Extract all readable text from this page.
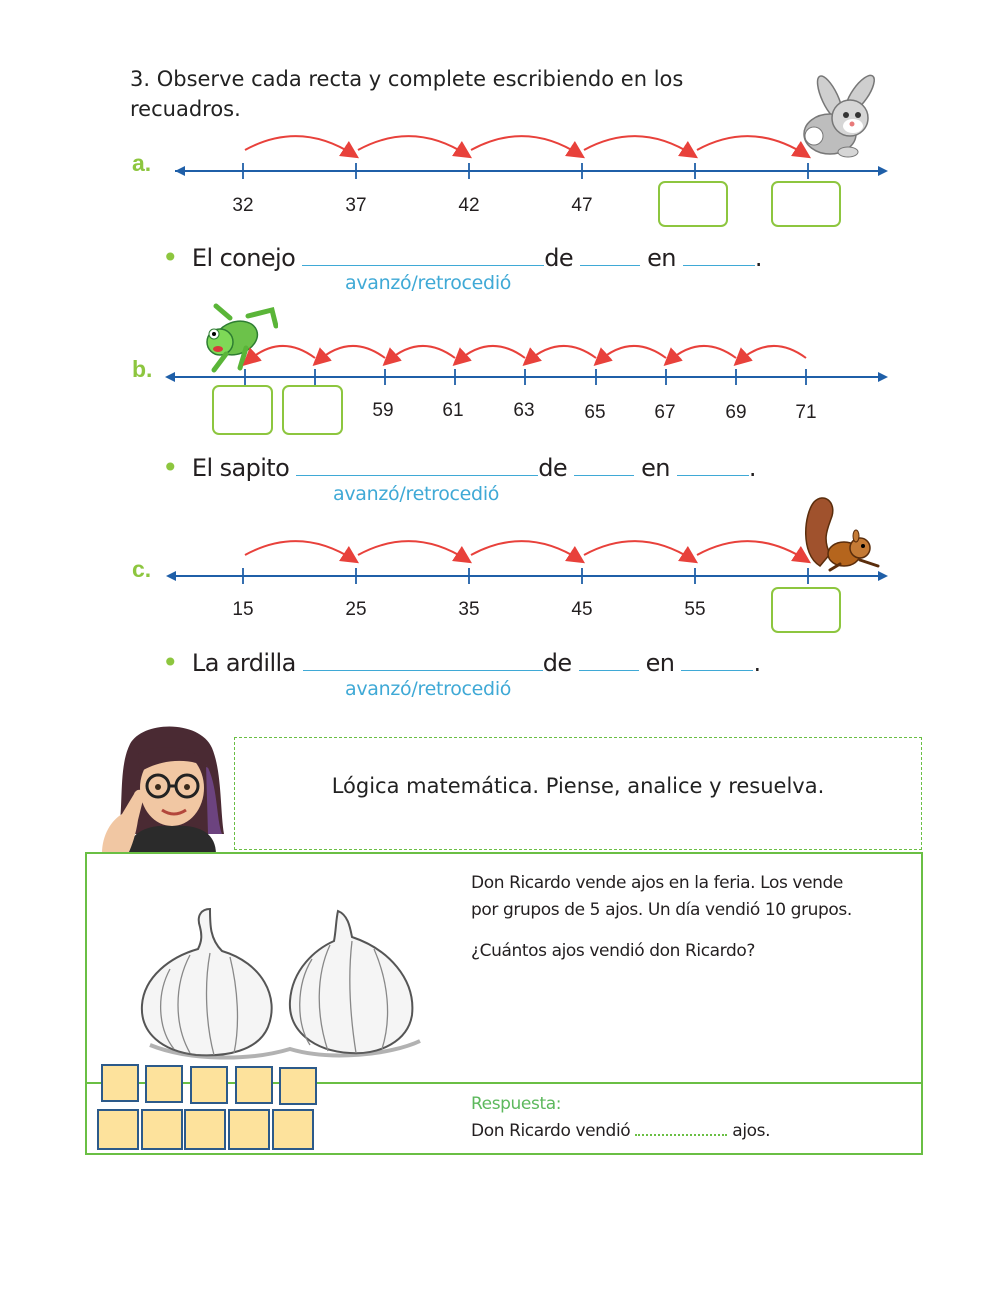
3. Observe cada recta y complete escribiendo en los recuadros.
a.
32	37	42	47
• El conejo	de	en	.
avanzó/retrocedió
b.
59	61	63	65	67	69	71
• El sapito	de	en	.
avanzó/retrocedió
c.
15	25	35	45	55
• La ardilla	de	en	.
avanzó/retrocedió
Lógica matemática. Piense, analice y resuelva.
Don Ricardo vende ajos en la feria. Los vende
por grupos de 5 ajos. Un día vendió 10 grupos.
¿Cuántos ajos vendió don Ricardo?
Respuesta:
Don Ricardo vendió	ajos.
